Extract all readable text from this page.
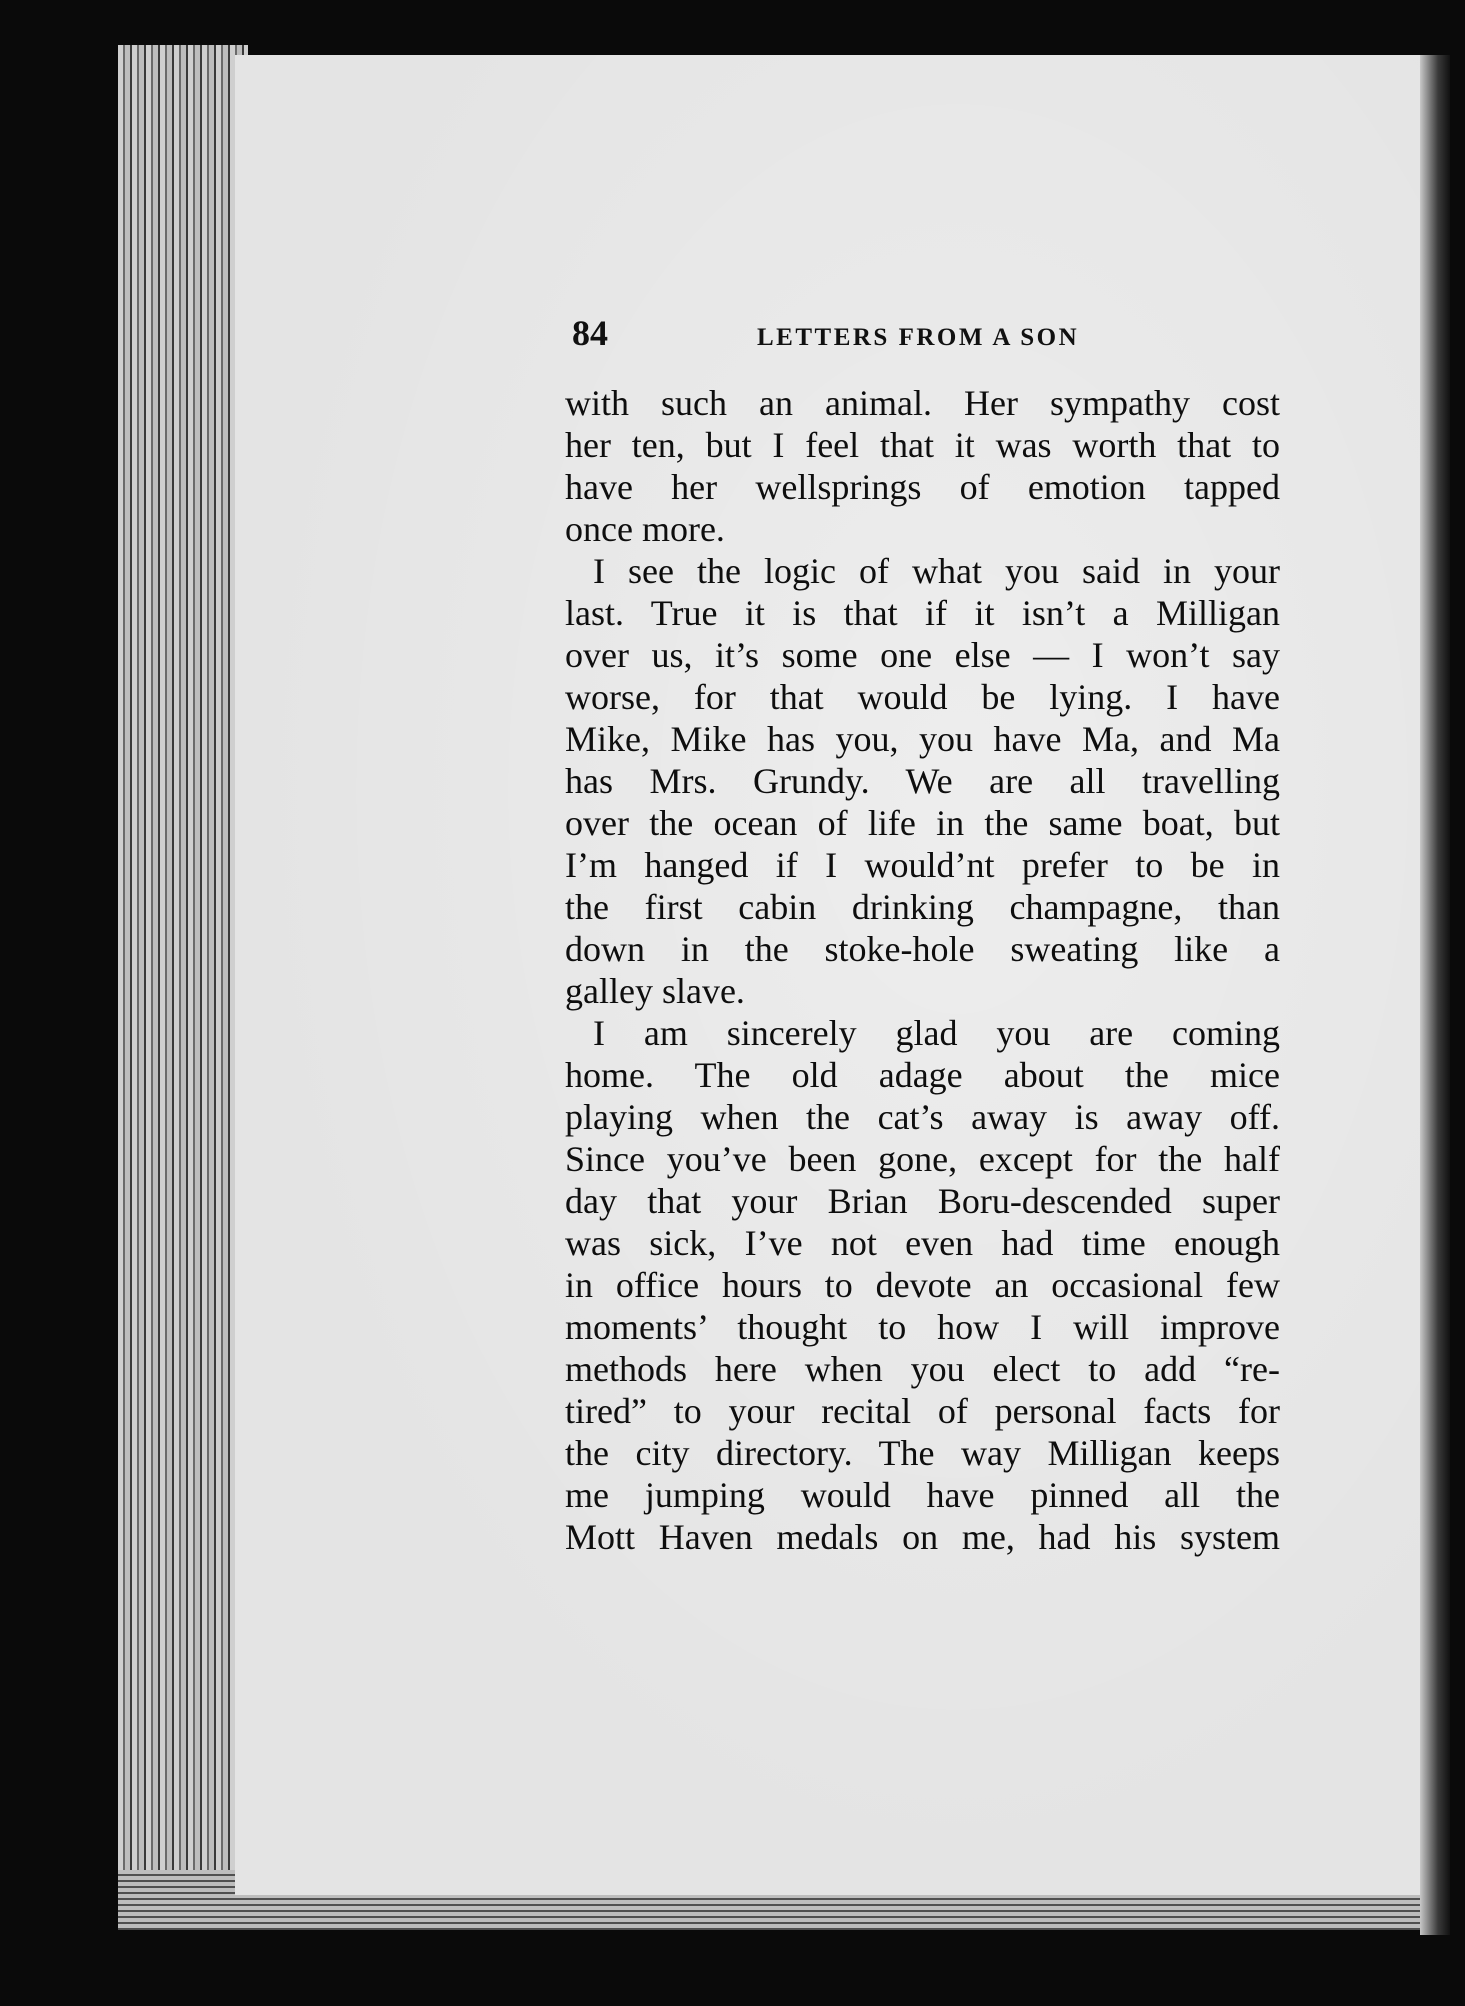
84	LETTERS FROM A SON
with such an animal. Her sympathy cost
her ten, but I feel that it was worth that to
have her wellsprings of emotion tapped
once more.
I see the logic of what you said in your
last. True it is that if it isn’t a Milligan
over us, it’s some one else — I won’t say
worse, for that would be lying. I have
Mike, Mike has you, you have Ma, and Ma
has Mrs. Grundy. We are all travelling
over the ocean of life in the same boat, but
I’m hanged if I would’nt prefer to be in
the first cabin drinking champagne, than
down in the stoke-hole sweating like a
galley slave.
I am sincerely glad you are coming
home. The old adage about the mice
playing when the cat’s away is away off.
Since you’ve been gone, except for the half
day that your Brian Boru-descended super
was sick, I’ve not even had time enough
in office hours to devote an occasional few
moments’ thought to how I will improve
methods here when you elect to add “re-
tired” to your recital of personal facts for
the city directory. The way Milligan keeps
me jumping would have pinned all the
Mott Haven medals on me, had his system
